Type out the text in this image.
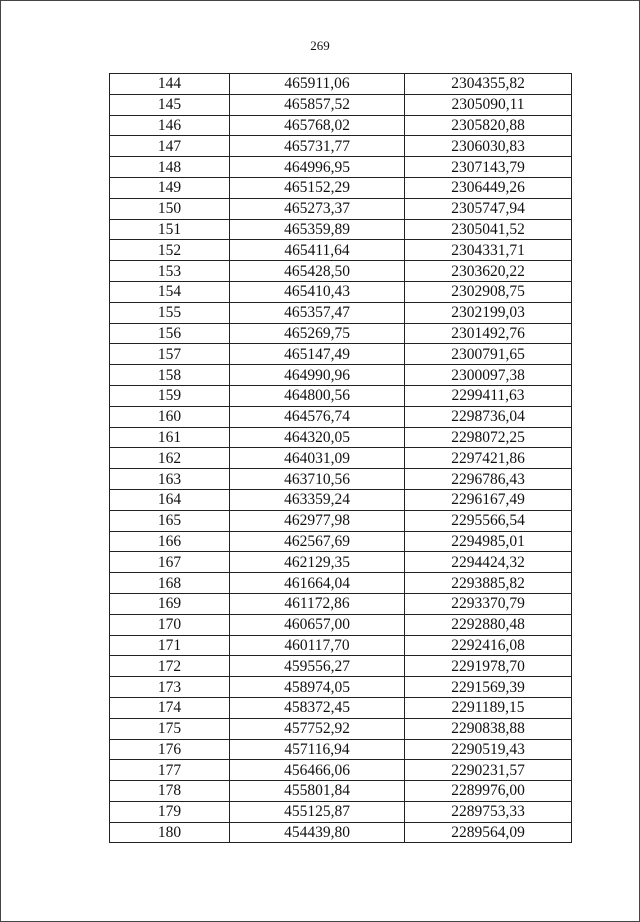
269
144	465911,06	2304355,82
145	465857,52	2305090,11
146	465768,02	2305820,88
147	465731,77	2306030,83
148	464996,95	2307143,79
149	465152,29	2306449,26
150	465273,37	2305747,94
151	465359,89	2305041,52
152	465411,64	2304331,71
153	465428,50	2303620,22
154	465410,43	2302908,75
155	465357,47	2302199,03
156	465269,75	2301492,76
157	465147,49	2300791,65
158	464990,96	2300097,38
159	464800,56	2299411,63
160	464576,74	2298736,04
161	464320,05	2298072,25
162	464031,09	2297421,86
163	463710,56	2296786,43
164	463359,24	2296167,49
165	462977,98	2295566,54
166	462567,69	2294985,01
167	462129,35	2294424,32
168	461664,04	2293885,82
169	461172,86	2293370,79
170	460657,00	2292880,48
171	460117,70	2292416,08
172	459556,27	2291978,70
173	458974,05	2291569,39
174	458372,45	2291189,15
175	457752,92	2290838,88
176	457116,94	2290519,43
177	456466,06	2290231,57
178	455801,84	2289976,00
179	455125,87	2289753,33
180	454439,80	2289564,09
